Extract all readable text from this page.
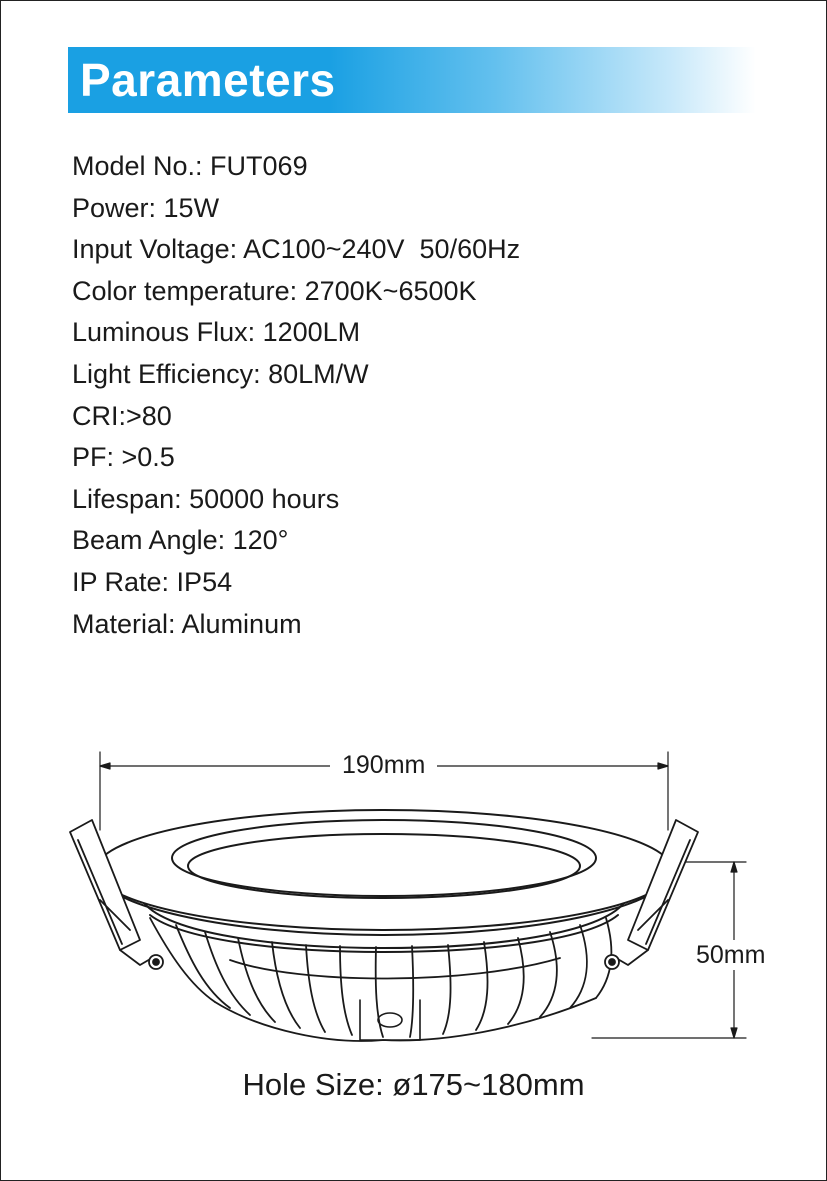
Parameters
Model No.: FUT069
Power: 15W
Input Voltage: AC100~240V  50/60Hz
Color temperature: 2700K~6500K
Luminous Flux: 1200LM
Light Efficiency: 80LM/W
CRI:>80
PF: >0.5
Lifespan: 50000 hours
Beam Angle: 120°
IP Rate: IP54
Material: Aluminum
190mm
50mm
Hole Size: ø175~180mm
